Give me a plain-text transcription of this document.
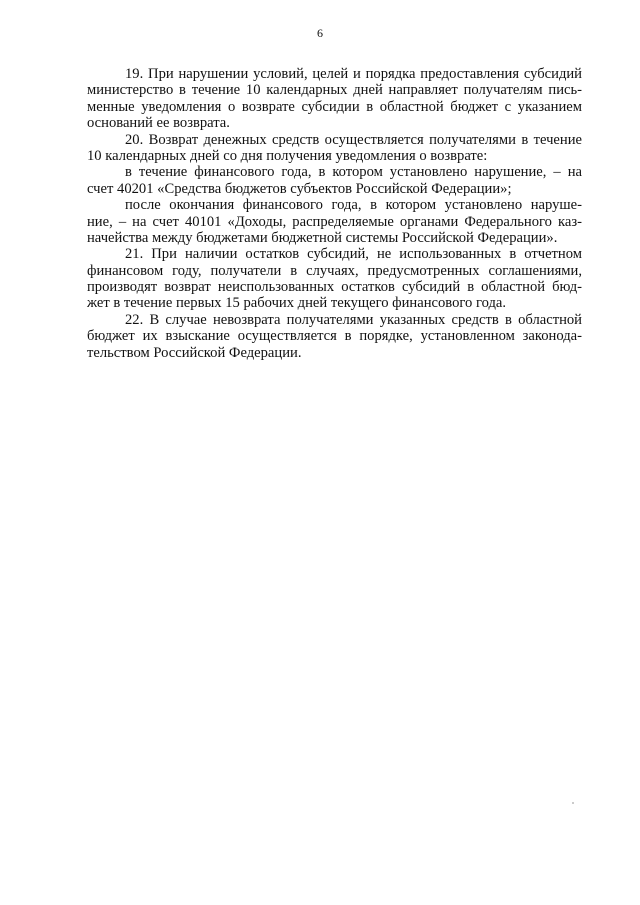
6
19. При нарушении условий, целей и порядка предоставления субсидий
министерство в течение 10 календарных дней направляет получателям пись-
менные уведомления о возврате субсидии в областной бюджет с указанием
оснований ее возврата.
20. Возврат денежных средств осуществляется получателями в течение
10 календарных дней со дня получения уведомления о возврате:
в течение финансового года, в котором установлено нарушение, – на
счет 40201 «Средства бюджетов субъектов Российской Федерации»;
после окончания финансового года, в котором установлено наруше-
ние, – на счет 40101 «Доходы, распределяемые органами Федерального каз-
начейства между бюджетами бюджетной системы Российской Федерации».
21. При наличии остатков субсидий, не использованных в отчетном
финансовом году, получатели в случаях, предусмотренных соглашениями,
производят возврат неиспользованных остатков субсидий в областной бюд-
жет в течение первых 15 рабочих дней текущего финансового года.
22. В случае невозврата получателями указанных средств в областной
бюджет их взыскание осуществляется в порядке, установленном законода-
тельством Российской Федерации.
